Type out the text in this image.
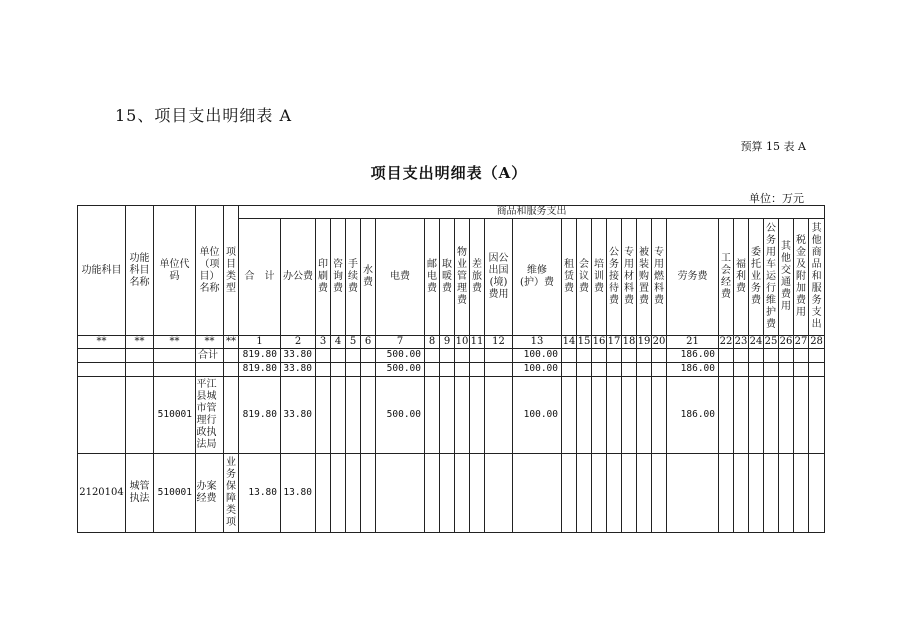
15、项目支出明细表 A
预算 15 表 A
项目支出明细表（A）
单位：万元
功能科目	功能科目名称	单位代码	单位（项目）名称	项目类型	商品和服务支出																											
					合　计	办公费	印刷费	咨询费	手续费	水费	电费	邮电费	取暖费	物业管理费	差旅费	因公出国(境)费用	维修(护）费	租赁费	会议费	培训费	公务接待费	专用材料费	被装购置费	专用燃料费	劳务费	工会经费	福利费	委托业务费	公务用车运行维护费	其他交通费用	税金及附加费用	其他商品和服务支出
**	**	**	**	**	1	2	3	4	5	6	7	8	9	10	11	12	13	14	15	16	17	18	19	20	21	22	23	24	25	26	27	28
			合计		819.80	33.80					500.00						100.00								186.00							
					819.80	33.80					500.00						100.00								186.00							
		510001	平江县城市管理行政执法局		819.80	33.80					500.00						100.00								186.00							
2120104	城管执法	510001	办案经费	业务保障类项	13.80	13.80																										
